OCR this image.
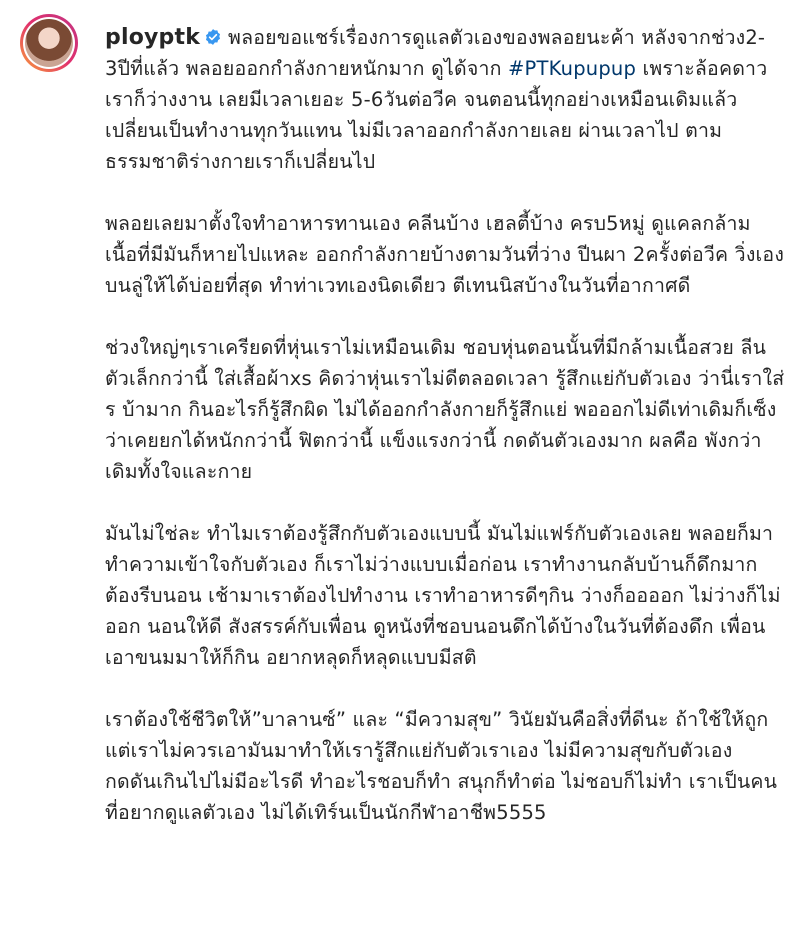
ployptk พลอยขอแชร์เรื่องการดูแลตัวเองของพลอยนะค้า หลังจากช่วง2-3ปีที่แล้ว พลอยออกกำลังกายหนักมาก ดูได้จาก #PTKupupup เพราะล้อคดาวเราก็ว่างงาน เลยมีเวลาเยอะ 5-6วันต่อวีค จนตอนนี้ทุกอย่างเหมือนเดิมแล้ว เปลี่ยนเป็นทำงานทุกวันแทน ไม่มีเวลาออกกำลังกายเลย ผ่านเวลาไป ตามธรรมชาติร่างกายเราก็เปลี่ยนไป
พลอยเลยมาตั้งใจทำอาหารทานเอง คลีนบ้าง เฮลตี้บ้าง ครบ5หมู่ ดูแคลกล้ามเนื้อที่มีมันก็หายไปแหละ ออกกำลังกายบ้างตามวันที่ว่าง ปีนผา 2ครั้งต่อวีค วิ่งเองบนลู่ให้ได้บ่อยที่สุด ทำท่าเวทเองนิดเดียว ตีเทนนิสบ้างในวันที่อากาศดี
ช่วงใหญ่ๆเราเครียดที่หุ่นเราไม่เหมือนเดิม ชอบหุ่นตอนนั้นที่มีกล้ามเนื้อสวย ลีน ตัวเล็กกว่านี้ ใส่เสื้อผ้าxs คิดว่าหุ่นเราไม่ดีตลอดเวลา รู้สึกแย่กับตัวเอง ว่านี่เราใส่ร บ้ามาก กินอะไรก็รู้สึกผิด ไม่ได้ออกกำลังกายก็รู้สึกแย่ พอออกไม่ดีเท่าเดิมก็เซ็งว่าเคยยกได้หนักกว่านี้ ฟิตกว่านี้ แข็งแรงกว่านี้ กดดันตัวเองมาก ผลคือ พังกว่าเดิมทั้งใจและกาย
มันไม่ใช่ละ ทำไมเราต้องรู้สึกกับตัวเองแบบนี้ มันไม่แฟร์กับตัวเองเลย พลอยก็มาทำความเข้าใจกับตัวเอง ก็เราไม่ว่างแบบเมื่อก่อน เราทำงานกลับบ้านก็ดึกมากต้องรีบนอน เช้ามาเราต้องไปทำงาน เราทำอาหารดีๆกิน ว่างก็ออออก ไม่ว่างก็ไม่ออก นอนให้ดี สังสรรค์กับเพื่อน ดูหนังที่ชอบนอนดึกได้บ้างในวันที่ต้องดึก เพื่อนเอาขนมมาให้ก็กิน อยากหลุดก็หลุดแบบมีสติ
เราต้องใช้ชีวิตให้”บาลานซ์” และ “มีความสุข” วินัยมันคือสิ่งที่ดีนะ ถ้าใช้ให้ถูก แต่เราไม่ควรเอามันมาทำให้เรารู้สึกแย่กับตัวเราเอง ไม่มีความสุขกับตัวเอง กดดันเกินไปไม่มีอะไรดี ทำอะไรชอบก็ทำ สนุกก็ทำต่อ ไม่ชอบก็ไม่ทำ เราเป็นคนที่อยากดูแลตัวเอง ไม่ได้เทิร์นเป็นนักกีฬาอาชีพ5555
